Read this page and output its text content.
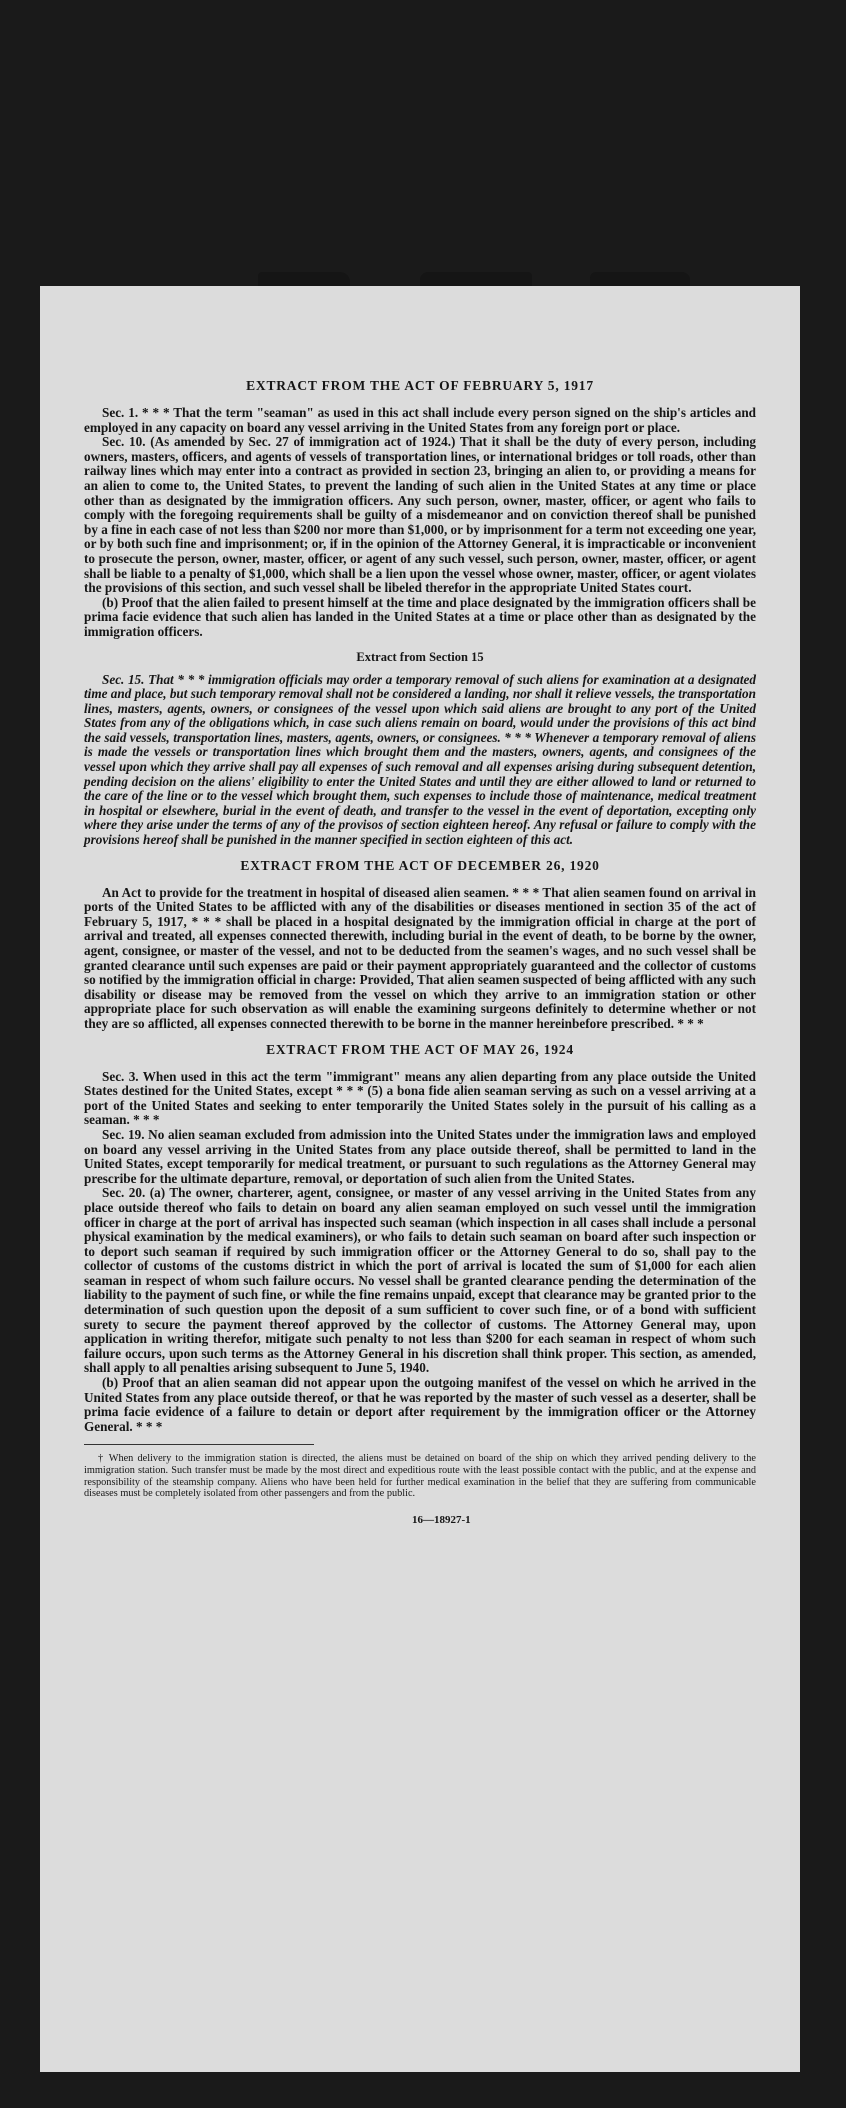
EXTRACT FROM THE ACT OF FEBRUARY 5, 1917

Sec. 1. * * * That the term "seaman" as used in this act shall include every person signed on the ship's articles and employed in any capacity on board any vessel arriving in the United States from any foreign port or place.

Sec. 10. (As amended by Sec. 27 of immigration act of 1924.) That it shall be the duty of every person, including owners, masters, officers, and agents of vessels of transportation lines, or international bridges or toll roads, other than railway lines which may enter into a contract as provided in section 23, bringing an alien to, or providing a means for an alien to come to, the United States, to prevent the landing of such alien in the United States at any time or place other than as designated by the immigration officers. Any such person, owner, master, officer, or agent who fails to comply with the foregoing requirements shall be guilty of a misdemeanor and on conviction thereof shall be punished by a fine in each case of not less than $200 nor more than $1,000, or by imprisonment for a term not exceeding one year, or by both such fine and imprisonment; or, if in the opinion of the Attorney General, it is impracticable or inconvenient to prosecute the person, owner, master, officer, or agent of any such vessel, such person, owner, master, officer, or agent shall be liable to a penalty of $1,000, which shall be a lien upon the vessel whose owner, master, officer, or agent violates the provisions of this section, and such vessel shall be libeled therefor in the appropriate United States court.

(b) Proof that the alien failed to present himself at the time and place designated by the immigration officers shall be prima facie evidence that such alien has landed in the United States at a time or place other than as designated by the immigration officers.

Extract from Section 15

Sec. 15. That * * * immigration officials may order a temporary removal of such aliens for examination at a designated time and place, but such temporary removal shall not be considered a landing, nor shall it relieve vessels, the transportation lines, masters, agents, owners, or consignees of the vessel upon which said aliens are brought to any port of the United States from any of the obligations which, in case such aliens remain on board, would under the provisions of this act bind the said vessels, transportation lines, masters, agents, owners, or consignees. * * * Whenever a temporary removal of aliens is made the vessels or transportation lines which brought them and the masters, owners, agents, and consignees of the vessel upon which they arrive shall pay all expenses of such removal and all expenses arising during subsequent detention, pending decision on the aliens' eligibility to enter the United States and until they are either allowed to land or returned to the care of the line or to the vessel which brought them, such expenses to include those of maintenance, medical treatment in hospital or elsewhere, burial in the event of death, and transfer to the vessel in the event of deportation, excepting only where they arise under the terms of any of the provisos of section eighteen hereof. Any refusal or failure to comply with the provisions hereof shall be punished in the manner specified in section eighteen of this act.

EXTRACT FROM THE ACT OF DECEMBER 26, 1920

An Act to provide for the treatment in hospital of diseased alien seamen. * * * That alien seamen found on arrival in ports of the United States to be afflicted with any of the disabilities or diseases mentioned in section 35 of the act of February 5, 1917, * * * shall be placed in a hospital designated by the immigration official in charge at the port of arrival and treated, all expenses connected therewith, including burial in the event of death, to be borne by the owner, agent, consignee, or master of the vessel, and not to be deducted from the seamen's wages, and no such vessel shall be granted clearance until such expenses are paid or their payment appropriately guaranteed and the collector of customs so notified by the immigration official in charge: Provided, That alien seamen suspected of being afflicted with any such disability or disease may be removed from the vessel on which they arrive to an immigration station or other appropriate place for such observation as will enable the examining surgeons definitely to determine whether or not they are so afflicted, all expenses connected therewith to be borne in the manner hereinbefore prescribed. * * *

EXTRACT FROM THE ACT OF MAY 26, 1924

Sec. 3. When used in this act the term "immigrant" means any alien departing from any place outside the United States destined for the United States, except * * * (5) a bona fide alien seaman serving as such on a vessel arriving at a port of the United States and seeking to enter temporarily the United States solely in the pursuit of his calling as a seaman. * * *

Sec. 19. No alien seaman excluded from admission into the United States under the immigration laws and employed on board any vessel arriving in the United States from any place outside thereof, shall be permitted to land in the United States, except temporarily for medical treatment, or pursuant to such regulations as the Attorney General may prescribe for the ultimate departure, removal, or deportation of such alien from the United States.

Sec. 20. (a) The owner, charterer, agent, consignee, or master of any vessel arriving in the United States from any place outside thereof who fails to detain on board any alien seaman employed on such vessel until the immigration officer in charge at the port of arrival has inspected such seaman (which inspection in all cases shall include a personal physical examination by the medical examiners), or who fails to detain such seaman on board after such inspection or to deport such seaman if required by such immigration officer or the Attorney General to do so, shall pay to the collector of customs of the customs district in which the port of arrival is located the sum of $1,000 for each alien seaman in respect of whom such failure occurs. No vessel shall be granted clearance pending the determination of the liability to the payment of such fine, or while the fine remains unpaid, except that clearance may be granted prior to the determination of such question upon the deposit of a sum sufficient to cover such fine, or of a bond with sufficient surety to secure the payment thereof approved by the collector of customs. The Attorney General may, upon application in writing therefor, mitigate such penalty to not less than $200 for each seaman in respect of whom such failure occurs, upon such terms as the Attorney General in his discretion shall think proper. This section, as amended, shall apply to all penalties arising subsequent to June 5, 1940.

(b) Proof that an alien seaman did not appear upon the outgoing manifest of the vessel on which he arrived in the United States from any place outside thereof, or that he was reported by the master of such vessel as a deserter, shall be prima facie evidence of a failure to detain or deport after requirement by the immigration officer or the Attorney General. * * *

† When delivery to the immigration station is directed, the aliens must be detained on board of the ship on which they arrived pending delivery to the immigration station. Such transfer must be made by the most direct and expeditious route with the least possible contact with the public, and at the expense and responsibility of the steamship company. Aliens who have been held for further medical examination in the belief that they are suffering from communicable diseases must be completely isolated from other passengers and from the public.

16—18927-1
